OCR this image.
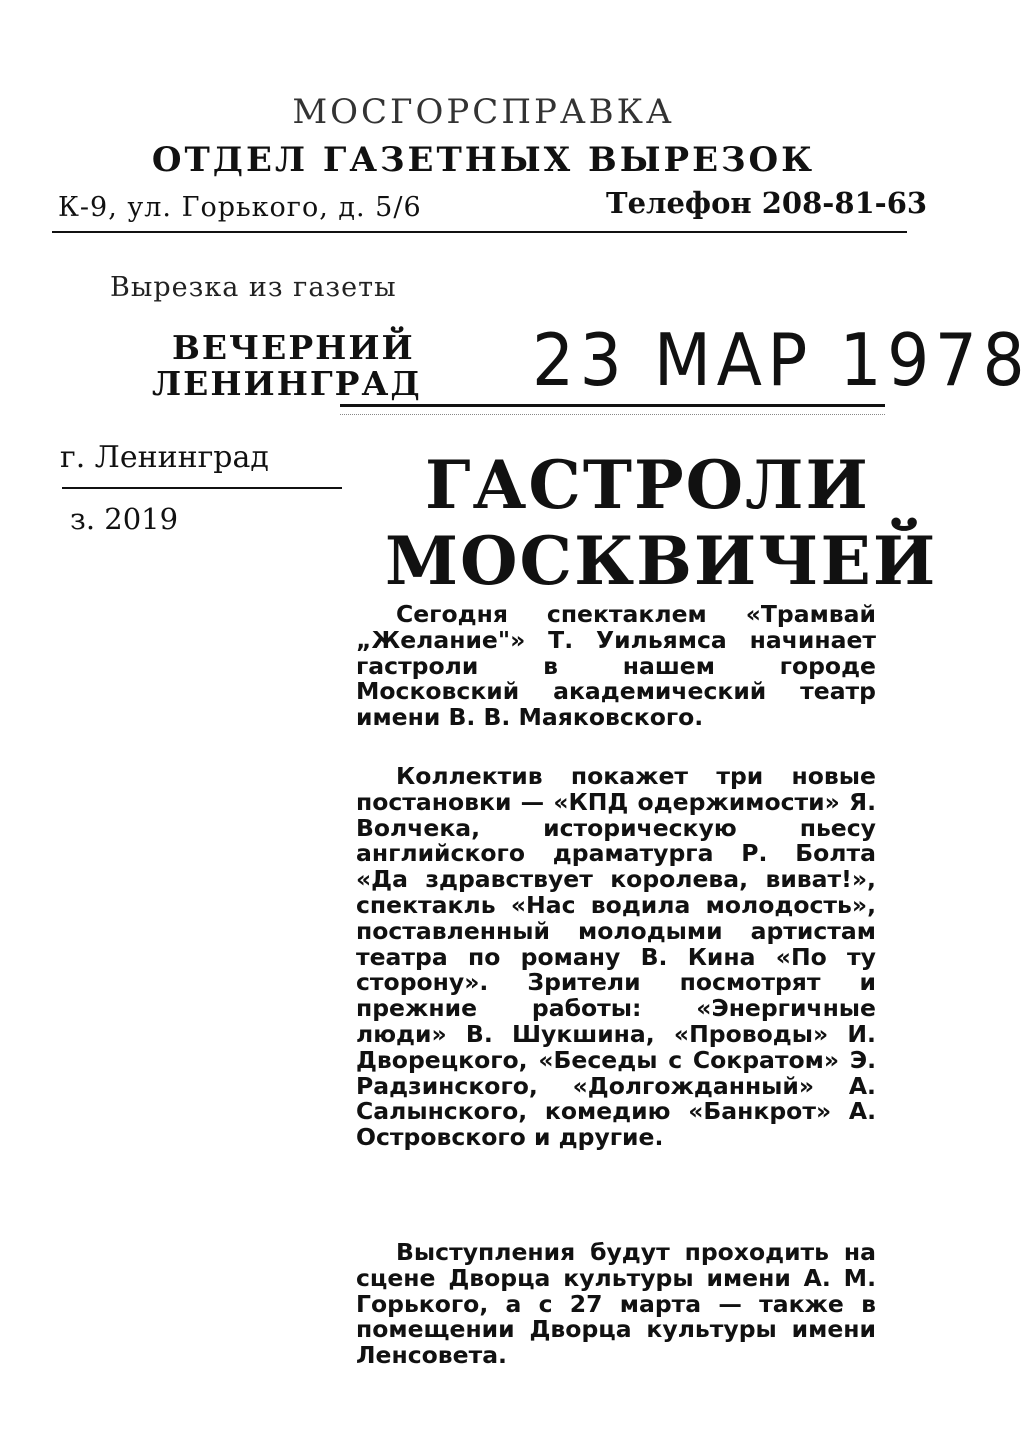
МОСГОРСПРАВКА
ОТДЕЛ ГАЗЕТНЫХ ВЫРЕЗОК
К-9, ул. Горького, д. 5/6	Телефон 208-81-63
Вырезка из газеты
ВЕЧЕРНИЙ
ЛЕНИНГРАД 23 МАР 1978
г. Ленинград
з. 2019	ГАСТРОЛИ
МОСКВИЧЕЙ

Сегодня спектаклем «Трамвай „Желание"» Т. Уильямса начинает гастроли в нашем городе Московский академический театр имени В. В. Маяковского.

Коллектив покажет три новые постановки — «КПД одержимости» Я. Волчека, историческую пьесу английского драматурга Р. Болта «Да здравствует королева, виват!», спектакль «Нас водила молодость», поставленный молодыми артистам театра по роману В. Кина «По ту сторону». Зрители посмотрят и прежние работы: «Энергичные люди» В. Шукшина, «Проводы» И. Дворецкого, «Беседы с Сократом» Э. Радзинского, «Долгожданный» А. Салынского, комедию «Банкрот» А. Островского и другие.

Выступления будут проходить на сцене Дворца культуры имени А. М. Горького, а с 27 марта — также в помещении Дворца культуры имени Ленсовета.
